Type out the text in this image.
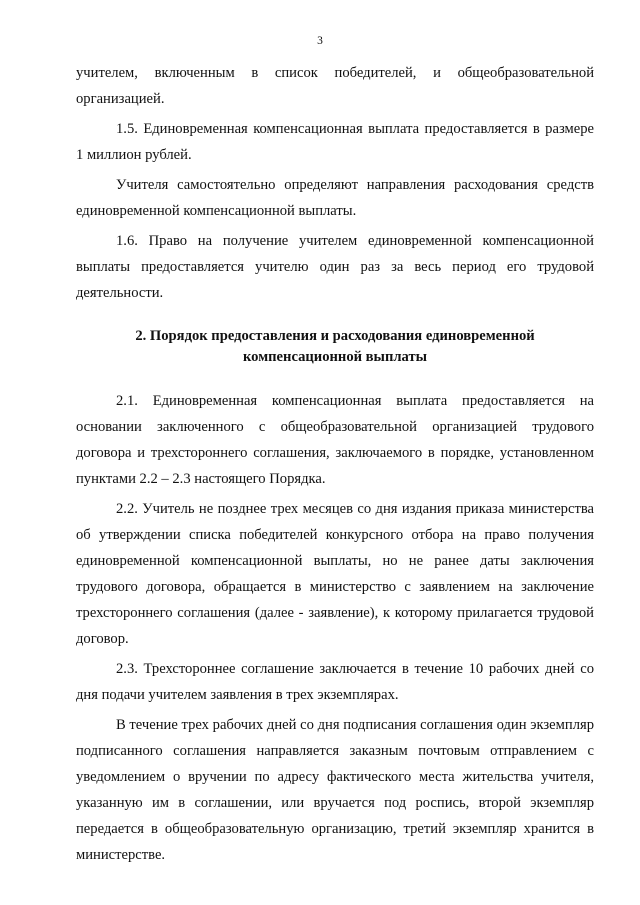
3

учителем, включенным в список победителей, и общеобразовательной организацией.

1.5. Единовременная компенсационная выплата предоставляется в размере 1 миллион рублей.

Учителя самостоятельно определяют направления расходования средств единовременной компенсационной выплаты.

1.6. Право на получение учителем единовременной компенсационной выплаты предоставляется учителю один раз за весь период его трудовой деятельности.

2. Порядок предоставления и расходования единовременной компенсационной выплаты

2.1. Единовременная компенсационная выплата предоставляется на основании заключенного с общеобразовательной организацией трудового договора и трехстороннего соглашения, заключаемого в порядке, установленном пунктами 2.2 – 2.3 настоящего Порядка.

2.2. Учитель не позднее трех месяцев со дня издания приказа министерства об утверждении списка победителей конкурсного отбора на право получения единовременной компенсационной выплаты, но не ранее даты заключения трудового договора, обращается в министерство с заявлением на заключение трехстороннего соглашения (далее - заявление), к которому прилагается трудовой договор.

2.3. Трехстороннее соглашение заключается в течение 10 рабочих дней со дня подачи учителем заявления в трех экземплярах.

В течение трех рабочих дней со дня подписания соглашения один экземпляр подписанного соглашения направляется заказным почтовым отправлением с уведомлением о вручении по адресу фактического места жительства учителя, указанную им в соглашении, или вручается под роспись, второй экземпляр передается в общеобразовательную организацию, третий экземпляр хранится в министерстве.
